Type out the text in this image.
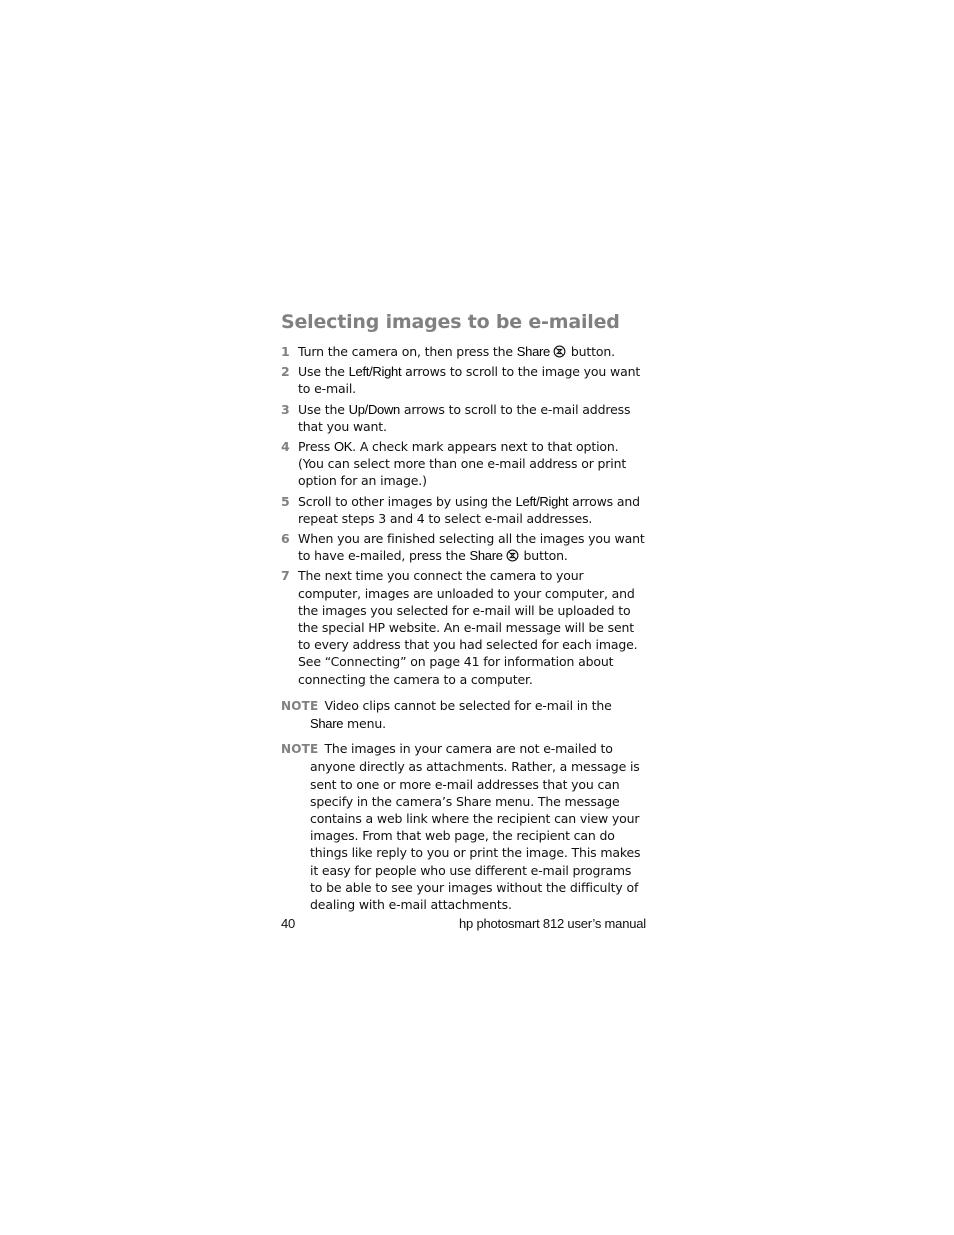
Selecting images to be e-mailed
1 Turn the camera on, then press the Share button.
2 Use the Left/Right arrows to scroll to the image you want to e-mail.
3 Use the Up/Down arrows to scroll to the e-mail address that you want.
4 Press OK. A check mark appears next to that option. (You can select more than one e-mail address or print option for an image.)
5 Scroll to other images by using the Left/Right arrows and repeat steps 3 and 4 to select e-mail addresses.
6 When you are finished selecting all the images you want to have e-mailed, press the Share button.
7 The next time you connect the camera to your computer, images are unloaded to your computer, and the images you selected for e-mail will be uploaded to the special HP website. An e-mail message will be sent to every address that you had selected for each image. See “Connecting” on page 41 for information about connecting the camera to a computer.
NOTE Video clips cannot be selected for e-mail in the Share menu.
NOTE The images in your camera are not e-mailed to anyone directly as attachments. Rather, a message is sent to one or more e-mail addresses that you can specify in the camera’s Share menu. The message contains a web link where the recipient can view your images. From that web page, the recipient can do things like reply to you or print the image. This makes it easy for people who use different e-mail programs to be able to see your images without the difficulty of dealing with e-mail attachments.
40	hp photosmart 812 user’s manual
